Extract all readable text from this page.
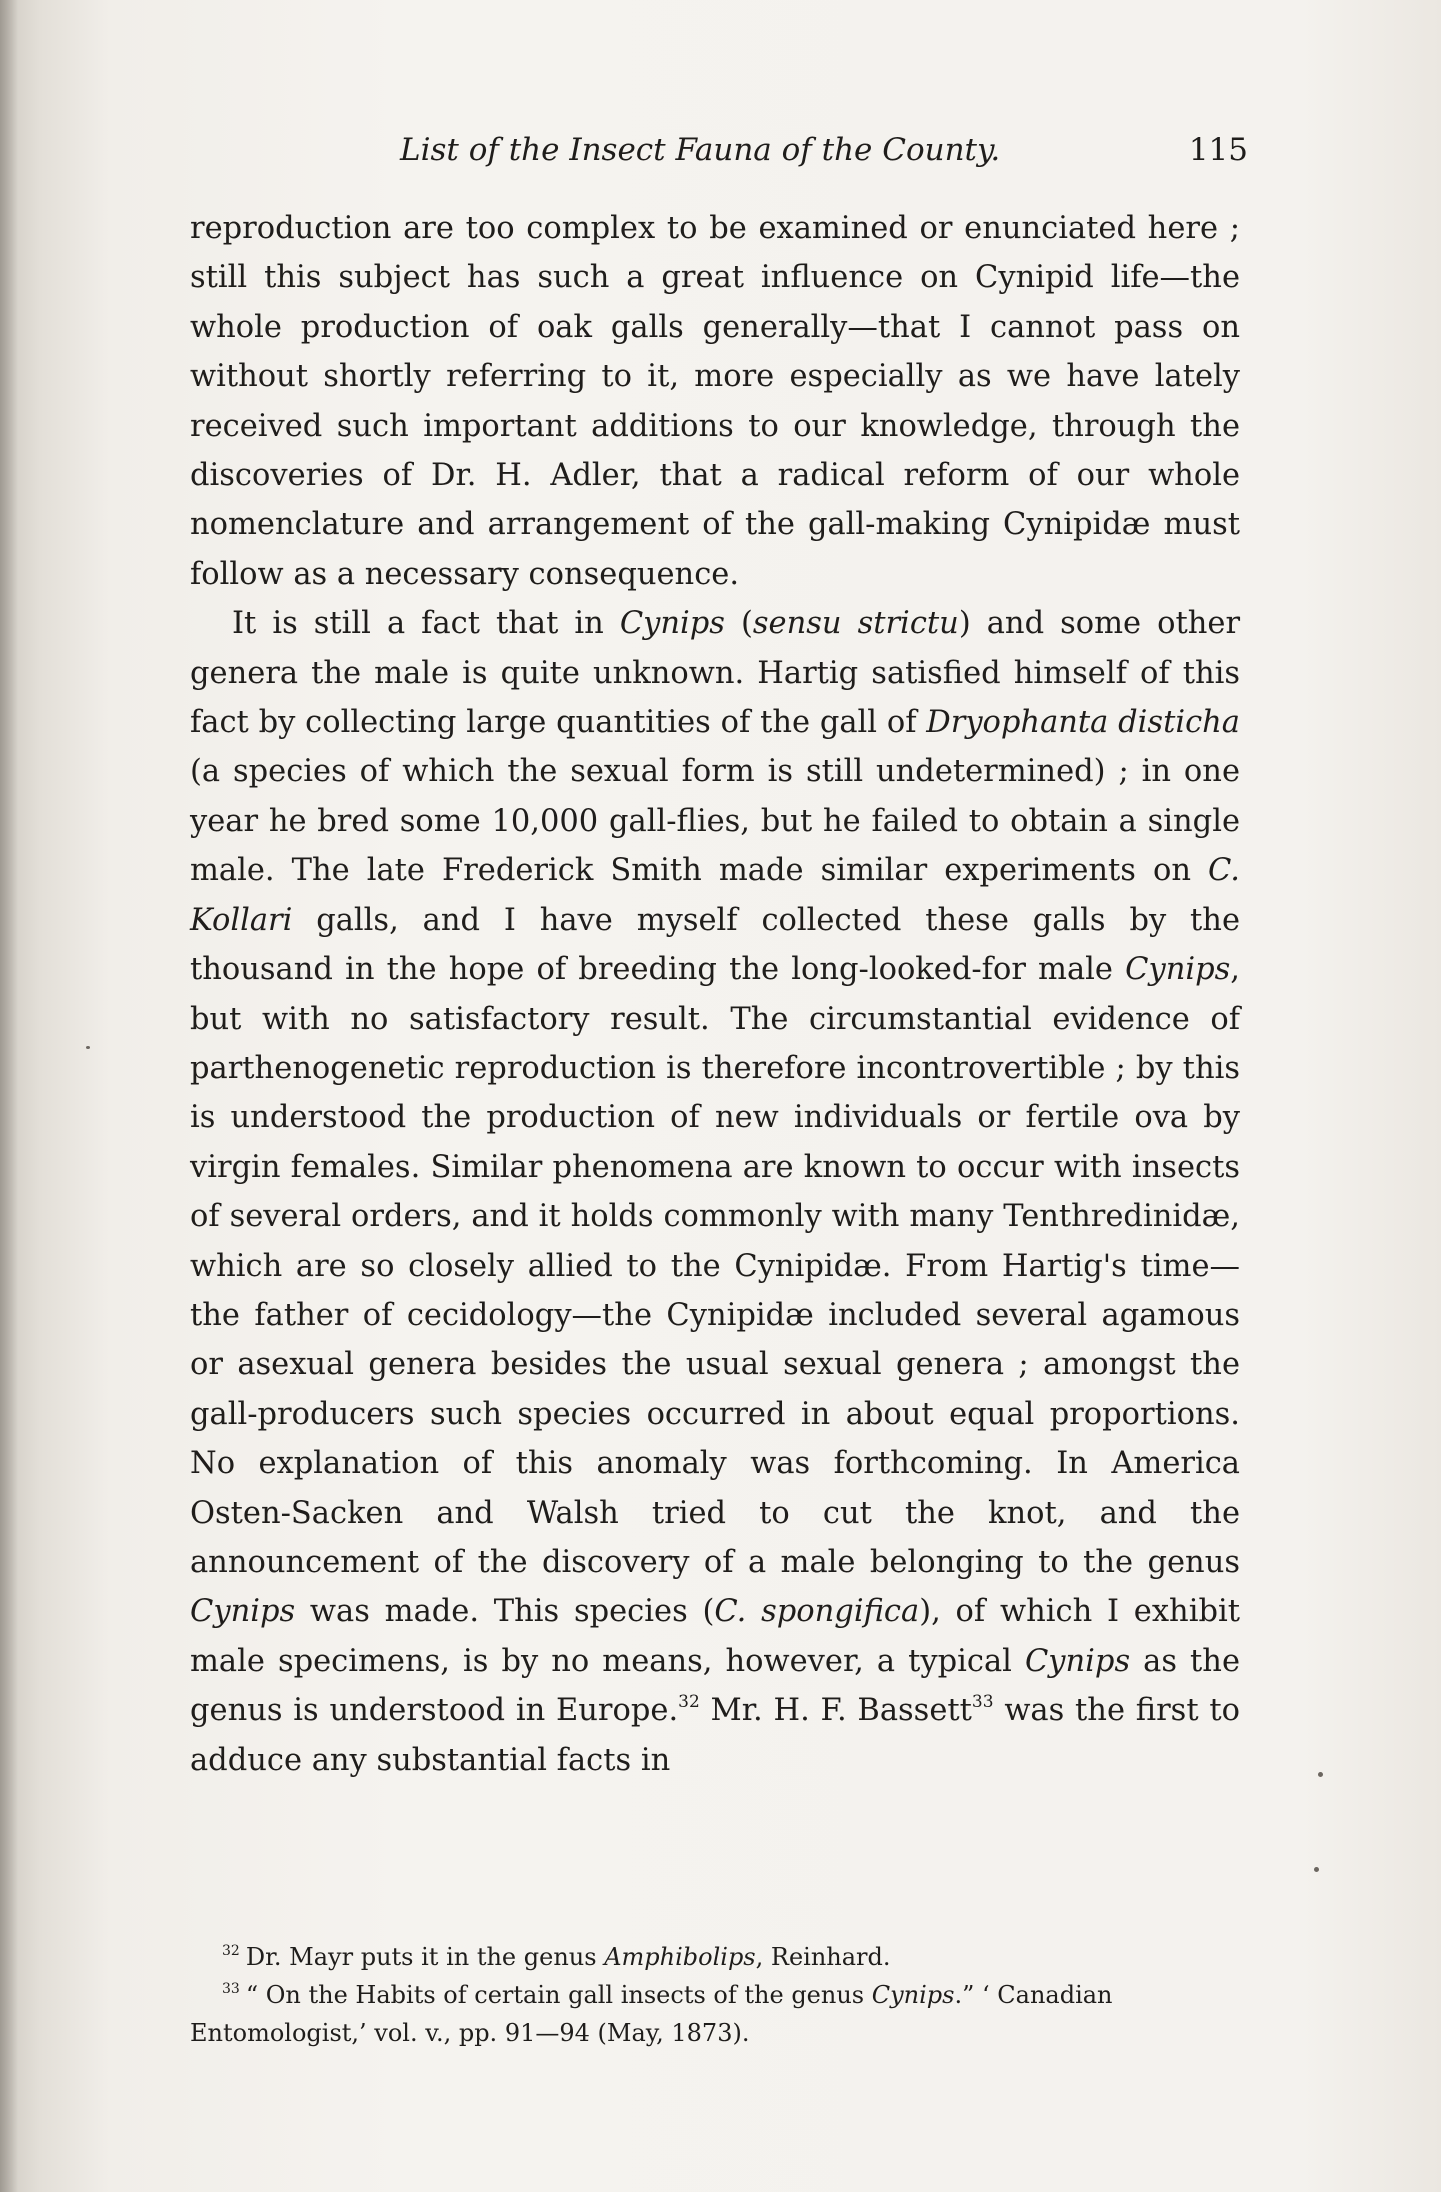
List of the Insect Fauna of the County.	115

reproduction are too complex to be examined or enunciated here ; still this subject has such a great influence on Cynipid life—the whole production of oak galls generally—that I cannot pass on without shortly referring to it, more especially as we have lately received such important additions to our knowledge, through the discoveries of Dr. H. Adler, that a radical reform of our whole nomenclature and arrangement of the gall-making Cynipidæ must follow as a necessary consequence.

It is still a fact that in Cynips (sensu strictu) and some other genera the male is quite unknown. Hartig satisfied himself of this fact by collecting large quantities of the gall of Dryophanta disticha (a species of which the sexual form is still undetermined) ; in one year he bred some 10,000 gall-flies, but he failed to obtain a single male. The late Frederick Smith made similar experiments on C. Kollari galls, and I have myself collected these galls by the thousand in the hope of breeding the long-looked-for male Cynips, but with no satisfactory result. The circumstantial evidence of parthenogenetic reproduction is therefore incontrovertible ; by this is understood the production of new individuals or fertile ova by virgin females. Similar phenomena are known to occur with insects of several orders, and it holds commonly with many Tenthredinidæ, which are so closely allied to the Cynipidæ. From Hartig's time—the father of cecidology—the Cynipidæ included several agamous or asexual genera besides the usual sexual genera ; amongst the gall-producers such species occurred in about equal proportions. No explanation of this anomaly was forthcoming. In America Osten-Sacken and Walsh tried to cut the knot, and the announcement of the discovery of a male belonging to the genus Cynips was made. This species (C. spongifica), of which I exhibit male specimens, is by no means, however, a typical Cynips as the genus is understood in Europe.$^{32}$ Mr. H. F. Bassett$^{33}$ was the first to adduce any substantial facts in

$^{32}$ Dr. Mayr puts it in the genus Amphibolips, Reinhard.

$^{33}$ “ On the Habits of certain gall insects of the genus Cynips.” ‘ Canadian Entomologist,’ vol. v., pp. 91—94 (May, 1873).
